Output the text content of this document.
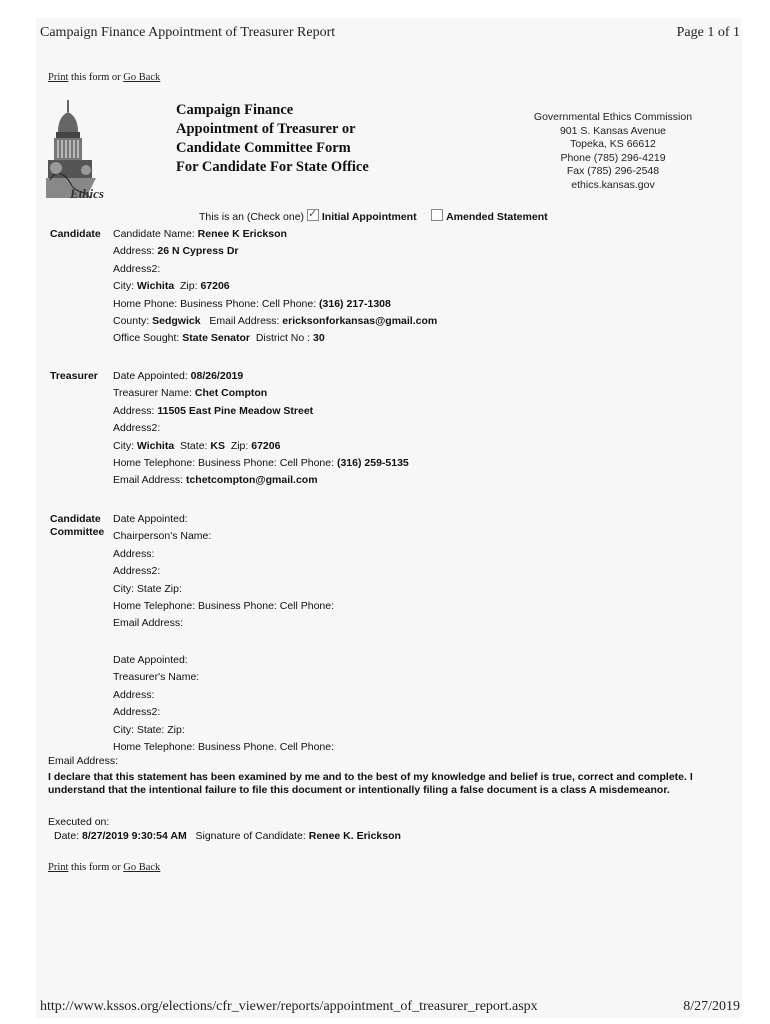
Campaign Finance Appointment of Treasurer Report	Page 1 of 1
Print this form or Go Back
Ethics
Campaign Finance
Appointment of Treasurer or
Candidate Committee Form
For Candidate For State Office
Governmental Ethics Commission
901 S. Kansas Avenue
Topeka, KS 66612
Phone (785) 296-4219
Fax (785) 296-2548
ethics.kansas.gov
This is an (Check one) ✓ Initial Appointment	Amended Statement
Candidate Candidate Name: Renee K Erickson
Address: 26 N Cypress Dr
Address2:
City: Wichita Zip: 67206
Home Phone: Business Phone: Cell Phone: (316) 217-1308
County: Sedgwick Email Address: ericksonforkansas@gmail.com
Office Sought: State Senator District No : 30
Treasurer Date Appointed: 08/26/2019
Treasurer Name: Chet Compton
Address: 11505 East Pine Meadow Street
Address2:
City: Wichita State: KS Zip: 67206
Home Telephone: Business Phone: Cell Phone: (316) 259-5135
Email Address: tchetcompton@gmail.com
Candidate
Committee
Date Appointed:
Chairperson's Name:
Address:
Address2:
City: State Zip:
Home Telephone: Business Phone: Cell Phone:
Email Address:
Date Appointed:
Treasurer's Name:
Address:
Address2:
City: State: Zip:
Home Telephone: Business Phone. Cell Phone:
Email Address:
I declare that this statement has been examined by me and to the best of my knowledge and belief is true, correct and complete. I understand that the intentional failure to file this document or intentionally filing a false document is a class A misdemeanor.
Executed on:
Date: 8/27/2019 9:30:54 AM Signature of Candidate: Renee K. Erickson
Print this form or Go Back
http://www.kssos.org/elections/cfr_viewer/reports/appointment_of_treasurer_report.aspx	8/27/2019
